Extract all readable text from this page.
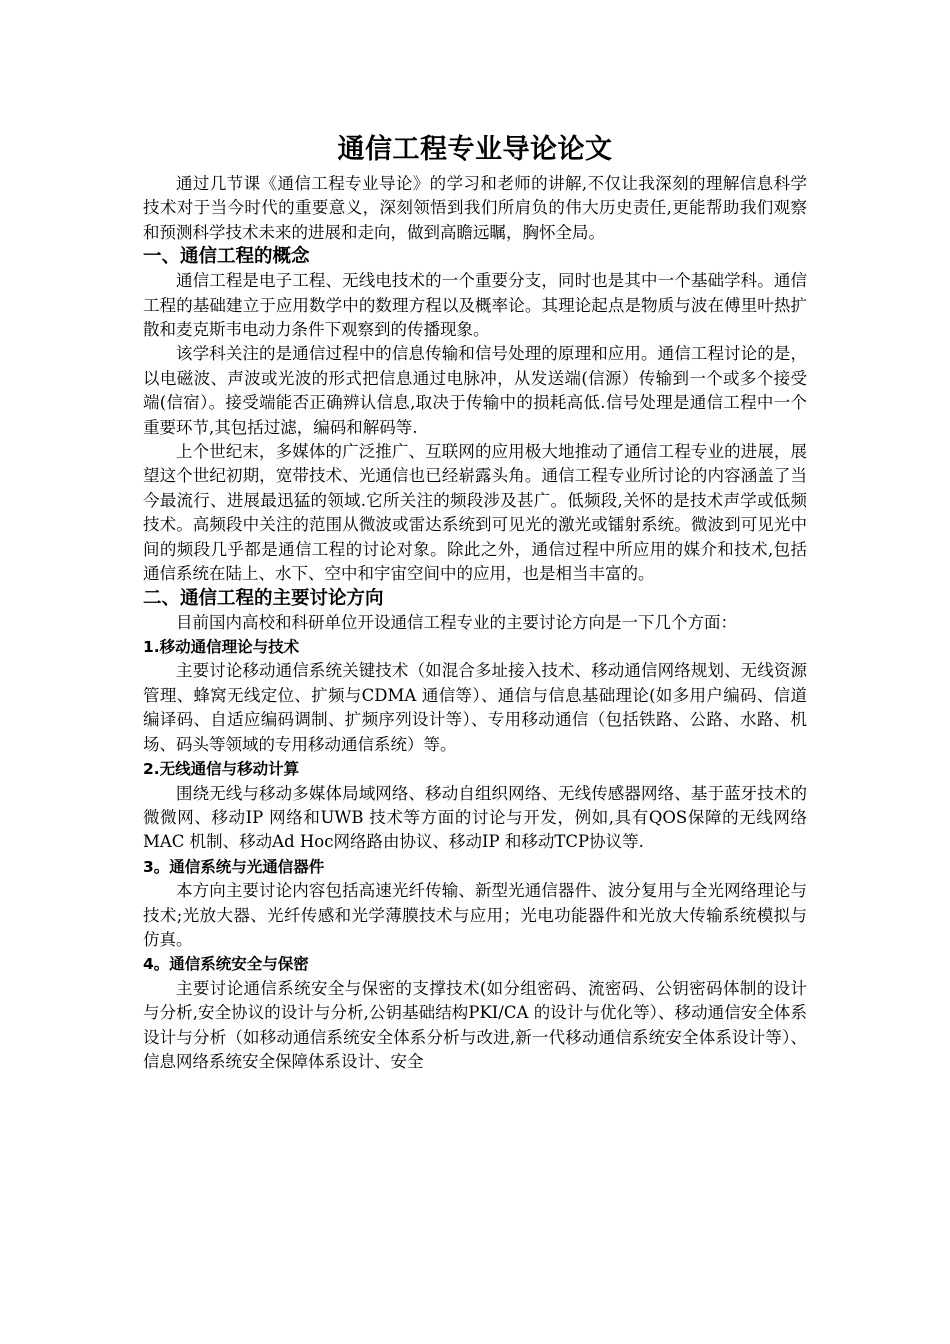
通信工程专业导论论文

通过几节课《通信工程专业导论》的学习和老师的讲解,不仅让我深刻的理解信息科学技术对于当今时代的重要意义，深刻领悟到我们所肩负的伟大历史责任,更能帮助我们观察和预测科学技术未来的进展和走向，做到高瞻远瞩，胸怀全局。

一、通信工程的概念

通信工程是电子工程、无线电技术的一个重要分支，同时也是其中一个基础学科。通信工程的基础建立于应用数学中的数理方程以及概率论。其理论起点是物质与波在傅里叶热扩散和麦克斯韦电动力条件下观察到的传播现象。

该学科关注的是通信过程中的信息传输和信号处理的原理和应用。通信工程讨论的是，以电磁波、声波或光波的形式把信息通过电脉冲，从发送端(信源）传输到一个或多个接受端(信宿）。接受端能否正确辨认信息,取决于传输中的损耗高低.信号处理是通信工程中一个重要环节,其包括过滤，编码和解码等.

上个世纪末，多媒体的广泛推广、互联网的应用极大地推动了通信工程专业的进展，展望这个世纪初期，宽带技术、光通信也已经崭露头角。通信工程专业所讨论的内容涵盖了当今最流行、进展最迅猛的领域.它所关注的频段涉及甚广。低频段,关怀的是技术声学或低频技术。高频段中关注的范围从微波或雷达系统到可见光的激光或镭射系统。微波到可见光中间的频段几乎都是通信工程的讨论对象。除此之外，通信过程中所应用的媒介和技术,包括通信系统在陆上、水下、空中和宇宙空间中的应用，也是相当丰富的。

二、通信工程的主要讨论方向

目前国内高校和科研单位开设通信工程专业的主要讨论方向是一下几个方面：

1.移动通信理论与技术

主要讨论移动通信系统关键技术（如混合多址接入技术、移动通信网络规划、无线资源管理、蜂窝无线定位、扩频与CDMA 通信等）、通信与信息基础理论(如多用户编码、信道编译码、自适应编码调制、扩频序列设计等）、专用移动通信（包括铁路、公路、水路、机场、码头等领域的专用移动通信系统）等。

2.无线通信与移动计算

围绕无线与移动多媒体局域网络、移动自组织网络、无线传感器网络、基于蓝牙技术的微微网、移动IP 网络和UWB 技术等方面的讨论与开发，例如,具有QOS保障的无线网络MAC 机制、移动Ad Hoc网络路由协议、移动IP 和移动TCP协议等.

3。通信系统与光通信器件

本方向主要讨论内容包括高速光纤传输、新型光通信器件、波分复用与全光网络理论与技术;光放大器、光纤传感和光学薄膜技术与应用；光电功能器件和光放大传输系统模拟与仿真。

4。通信系统安全与保密

主要讨论通信系统安全与保密的支撑技术(如分组密码、流密码、公钥密码体制的设计与分析,安全协议的设计与分析,公钥基础结构PKI/CA 的设计与优化等）、移动通信安全体系设计与分析（如移动通信系统安全体系分析与改进,新一代移动通信系统安全体系设计等）、信息网络系统安全保障体系设计、安全
